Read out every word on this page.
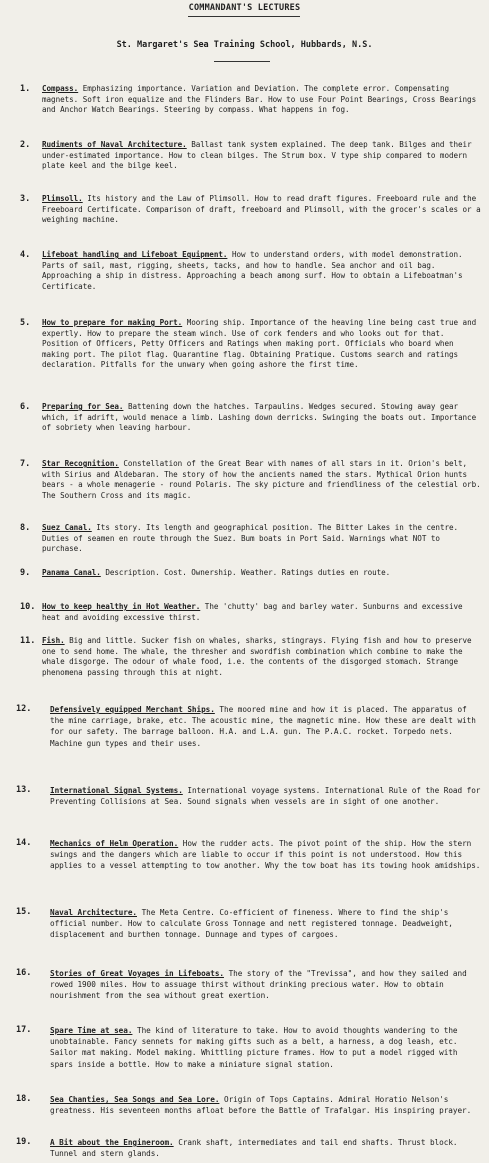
COMMANDANT'S LECTURES
St. Margaret's Sea Training School, Hubbards, N.S.
1. Compass. Emphasizing importance. Variation and Deviation. The complete error. Compensating magnets. Soft iron equalize and the Flinders Bar. How to use Four Point Bearings, Cross Bearings and Anchor Watch Bearings. Steering by compass. What happens in fog.
2. Rudiments of Naval Architecture. Ballast tank system explained. The deep tank. Bilges and their under-estimated importance. How to clean bilges. The Strum box. V type ship compared to modern plate keel and the bilge keel.
3. Plimsoll. Its history and the Law of Plimsoll. How to read draft figures. Freeboard rule and the Freeboard Certificate. Comparison of draft, freeboard and Plimsoll, with the grocer's scales or a weighing machine.
4. Lifeboat handling and Lifeboat Equipment. How to understand orders, with model demonstration. Parts of sail, mast, rigging, sheets, tacks, and how to handle. Sea anchor and oil bag. Approaching a ship in distress. Approaching a beach among surf. How to obtain a Lifeboatman's Certificate.
5. How to prepare for making Port. Mooring ship. Importance of the heaving line being cast true and expertly. How to prepare the steam winch. Use of cork fenders and who looks out for that. Position of Officers, Petty Officers and Ratings when making port. Officials who board when making port. The pilot flag. Quarantine flag. Obtaining Pratique. Customs search and ratings declaration. Pitfalls for the unwary when going ashore the first time.
6. Preparing for Sea. Battening down the hatches. Tarpaulins. Wedges secured. Stowing away gear which, if adrift, would menace a limb. Lashing down derricks. Swinging the boats out. Importance of sobriety when leaving harbour.
7. Star Recognition. Constellation of the Great Bear with names of all stars in it. Orion's belt, with Sirius and Aldebaran. The story of how the ancients named the stars. Mythical Orion hunts bears - a whole menagerie - round Polaris. The sky picture and friendliness of the celestial orb. The Southern Cross and its magic.
8. Suez Canal. Its story. Its length and geographical position. The Bitter Lakes in the centre. Duties of seamen en route through the Suez. Bum boats in Port Said. Warnings what NOT to purchase.
9. Panama Canal. Description. Cost. Ownership. Weather. Ratings duties en route.
10. How to keep healthy in Hot Weather. The 'chutty' bag and barley water. Sunburns and excessive heat and avoiding excessive thirst.
11. Fish. Big and little. Sucker fish on whales, sharks, stingrays. Flying fish and how to preserve one to send home. The whale, the thresher and swordfish combination which combine to make the whale disgorge. The odour of whale food, i.e. the contents of the disgorged stomach. Strange phenomena passing through this at night.
12. Defensively equipped Merchant Ships. The moored mine and how it is placed. The apparatus of the mine carriage, brake, etc. The acoustic mine, the magnetic mine. How these are dealt with for our safety. The barrage balloon. H.A. and L.A. gun. The P.A.C. rocket. Torpedo nets. Machine gun types and their uses.
13. International Signal Systems. International voyage systems. International Rule of the Road for Preventing Collisions at Sea. Sound signals when vessels are in sight of one another.
14. Mechanics of Helm Operation. How the rudder acts. The pivot point of the ship. How the stern swings and the dangers which are liable to occur if this point is not understood. How this applies to a vessel attempting to tow another. Why the tow boat has its towing hook amidships.
15. Naval Architecture. The Meta Centre. Co-efficient of fineness. Where to find the ship's official number. How to calculate Gross Tonnage and nett registered tonnage. Deadweight, displacement and burthen tonnage. Dunnage and types of cargoes.
16. Stories of Great Voyages in Lifeboats. The story of the "Trevissa", and how they sailed and rowed 1900 miles. How to assuage thirst without drinking precious water. How to obtain nourishment from the sea without great exertion.
17. Spare Time at sea. The kind of literature to take. How to avoid thoughts wandering to the unobtainable. Fancy sennets for making gifts such as a belt, a harness, a dog leash, etc. Sailor mat making. Model making. Whittling picture frames. How to put a model rigged with spars inside a bottle. How to make a miniature signal station.
18. Sea Chanties, Sea Songs and Sea Lore. Origin of Tops Captains. Admiral Horatio Nelson's greatness. His seventeen months afloat before the Battle of Trafalgar. His inspiring prayer.
19. A Bit about the Engineroom. Crank shaft, intermediates and tail end shafts. Thrust block. Tunnel and stern glands.
